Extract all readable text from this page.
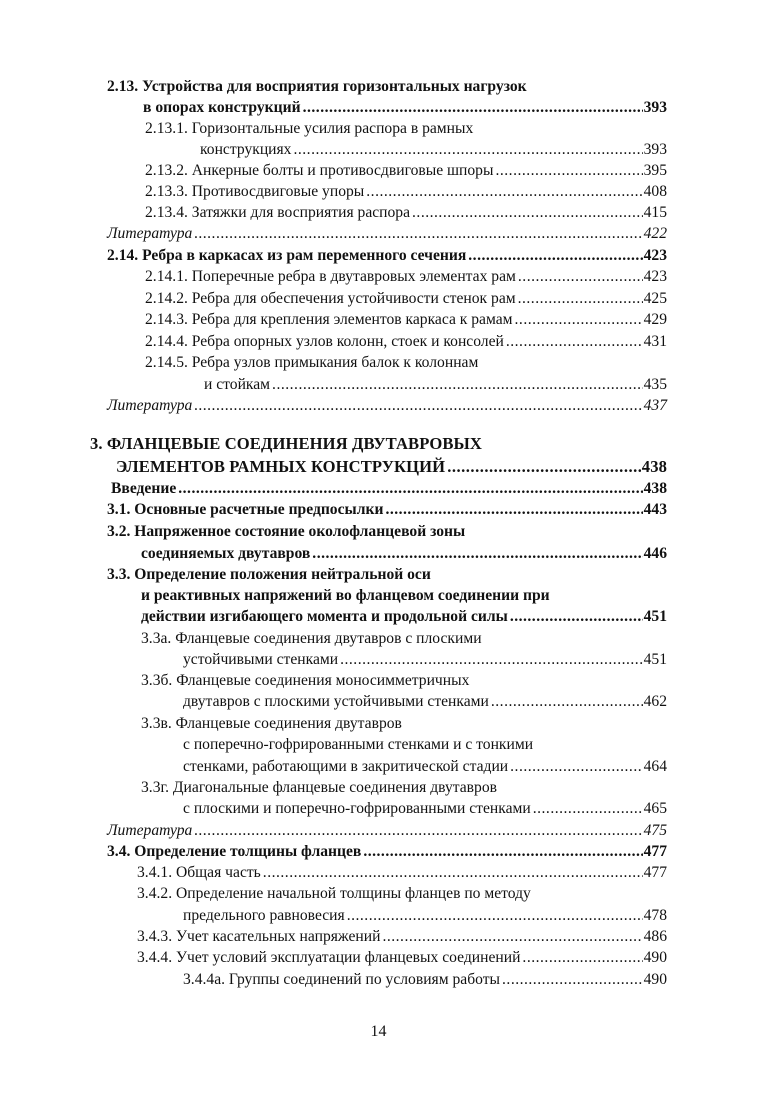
2.13. Устройства для восприятия горизонтальных нагрузок
в опорах конструкций .....	393
2.13.1. Горизонтальные усилия распора в рамных
конструкциях .....	393
2.13.2. Анкерные болты и противосдвиговые шпоры .....	395
2.13.3. Противосдвиговые упоры .....	408
2.13.4. Затяжки для восприятия распора .....	415
Литература .....	422
2.14. Ребра в каркасах из рам переменного сечения .....	423
2.14.1. Поперечные ребра в двутавровых элементах рам .....	423
2.14.2. Ребра для обеспечения устойчивости стенок рам .....	425
2.14.3. Ребра для крепления элементов каркаса к рамам .....	429
2.14.4. Ребра опорных узлов колонн, стоек и консолей .....	431
2.14.5. Ребра узлов примыкания балок к колоннам
и стойкам .....	435
Литература .....	437
3. ФЛАНЦЕВЫЕ СОЕДИНЕНИЯ ДВУТАВРОВЫХ
ЭЛЕМЕНТОВ РАМНЫХ КОНСТРУКЦИЙ .....	438
Введение .....	438
3.1. Основные расчетные предпосылки .....	443
3.2. Напряженное состояние околофланцевой зоны
соединяемых двутавров .....	446
3.3. Определение положения нейтральной оси
и реактивных напряжений во фланцевом соединении при
действии изгибающего момента и продольной силы .....	451
3.3а. Фланцевые соединения двутавров с плоскими
устойчивыми стенками .....	451
3.3б. Фланцевые соединения моносимметричных
двутавров с плоскими устойчивыми стенками .....	462
3.3в. Фланцевые соединения двутавров
с поперечно-гофрированными стенками и с тонкими
стенками, работающими в закритической стадии .....	464
3.3г. Диагональные фланцевые соединения двутавров
с плоскими и поперечно-гофрированными стенками .....	465
Литература .....	475
3.4. Определение толщины фланцев .....	477
3.4.1. Общая часть .....	477
3.4.2. Определение начальной толщины фланцев по методу
предельного равновесия .....	478
3.4.3. Учет касательных напряжений .....	486
3.4.4. Учет условий эксплуатации фланцевых соединений .....	490
3.4.4а. Группы соединений по условиям работы .....	490
14
